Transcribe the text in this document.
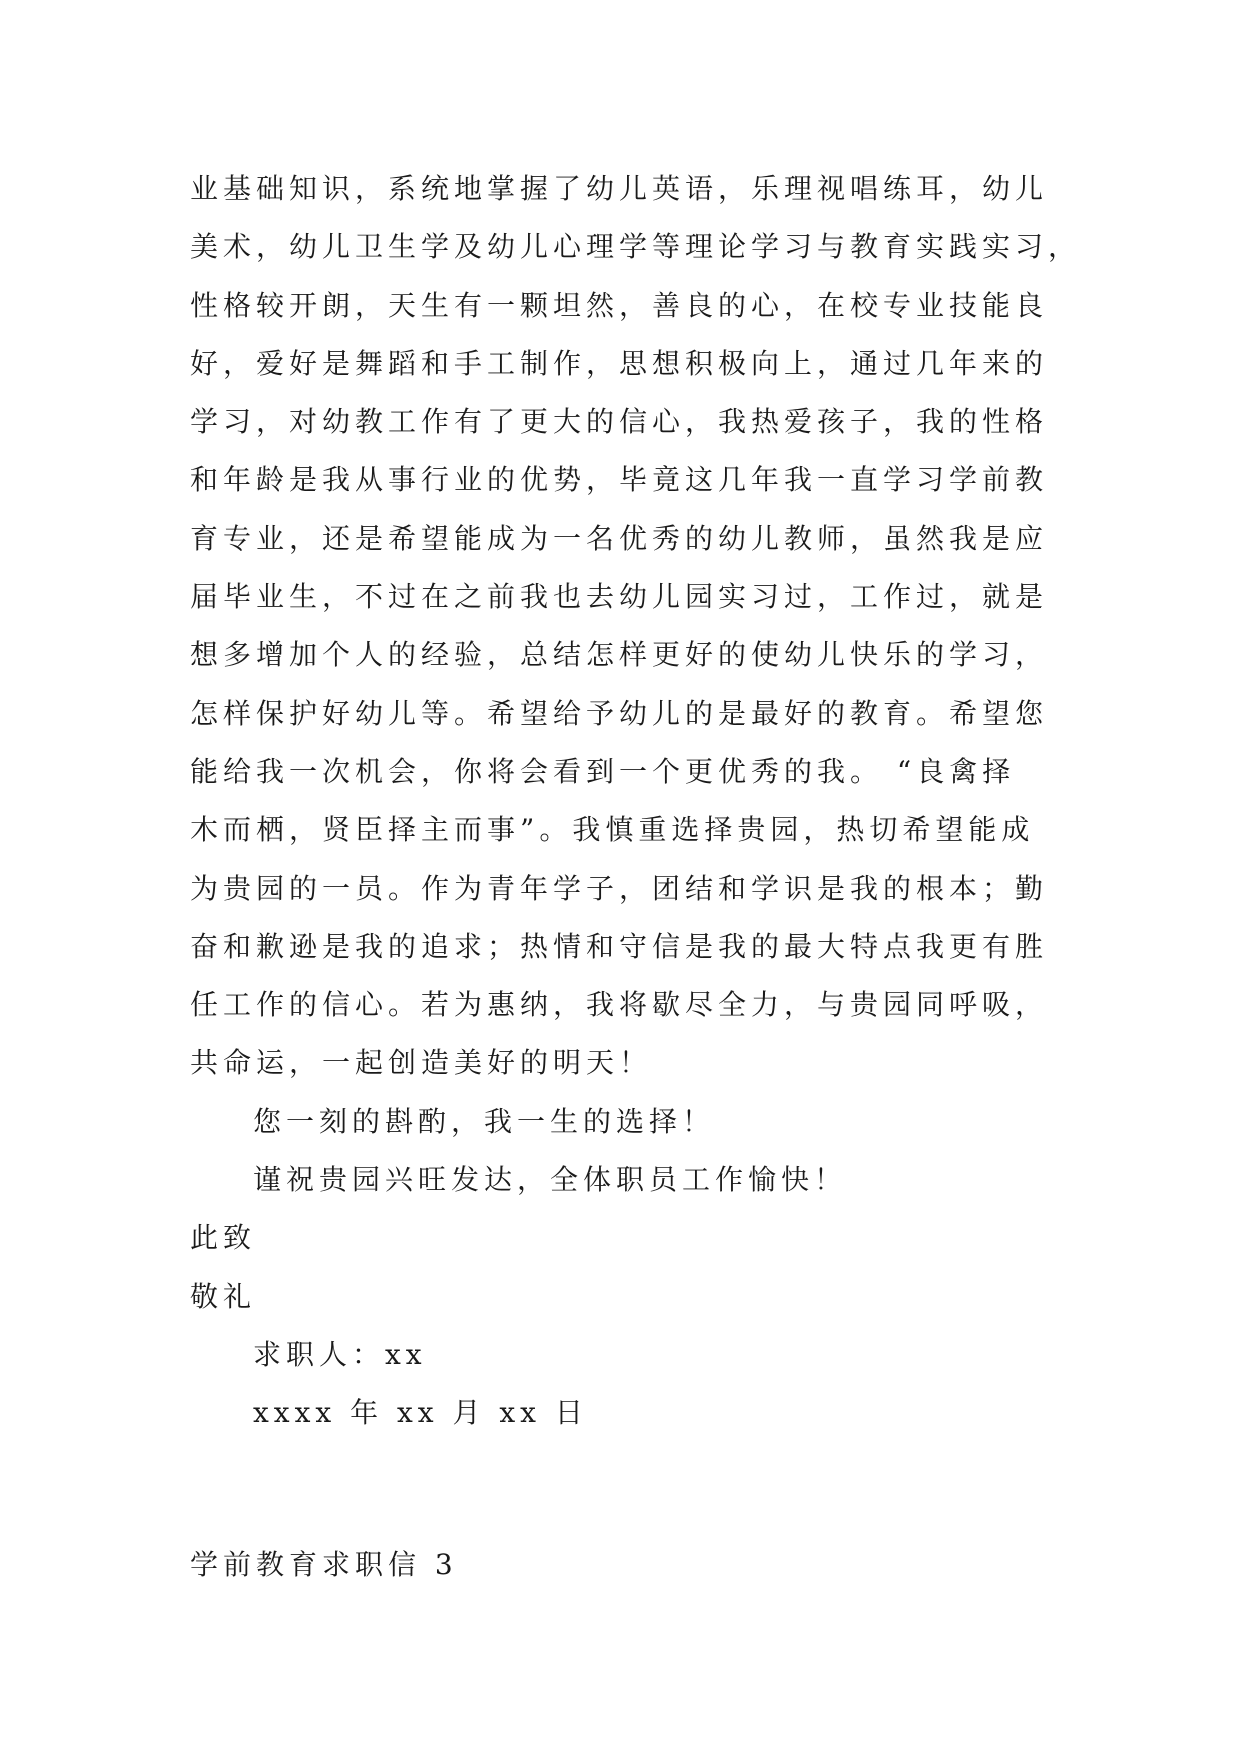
业基础知识，系统地掌握了幼儿英语，乐理视唱练耳，幼儿

美术，幼儿卫生学及幼儿心理学等理论学习与教育实践实习，

性格较开朗，天生有一颗坦然，善良的心，在校专业技能良

好，爱好是舞蹈和手工制作，思想积极向上，通过几年来的

学习，对幼教工作有了更大的信心，我热爱孩子，我的性格

和年龄是我从事行业的优势，毕竟这几年我一直学习学前教

育专业，还是希望能成为一名优秀的幼儿教师，虽然我是应

届毕业生，不过在之前我也去幼儿园实习过，工作过，就是

想多增加个人的经验，总结怎样更好的使幼儿快乐的学习，

怎样保护好幼儿等。希望给予幼儿的是最好的教育。希望您

能给我一次机会，你将会看到一个更优秀的我。 “良禽择

木而栖，贤臣择主而事”。我慎重选择贵园，热切希望能成

为贵园的一员。作为青年学子，团结和学识是我的根本；勤

奋和歉逊是我的追求；热情和守信是我的最大特点我更有胜

任工作的信心。若为惠纳，我将歇尽全力，与贵园同呼吸，

共命运，一起创造美好的明天！

您一刻的斟酌，我一生的选择！

谨祝贵园兴旺发达，全体职员工作愉快！

此致

敬礼

求职人：xx

xxxx 年 xx 月 xx 日

学前教育求职信 3
